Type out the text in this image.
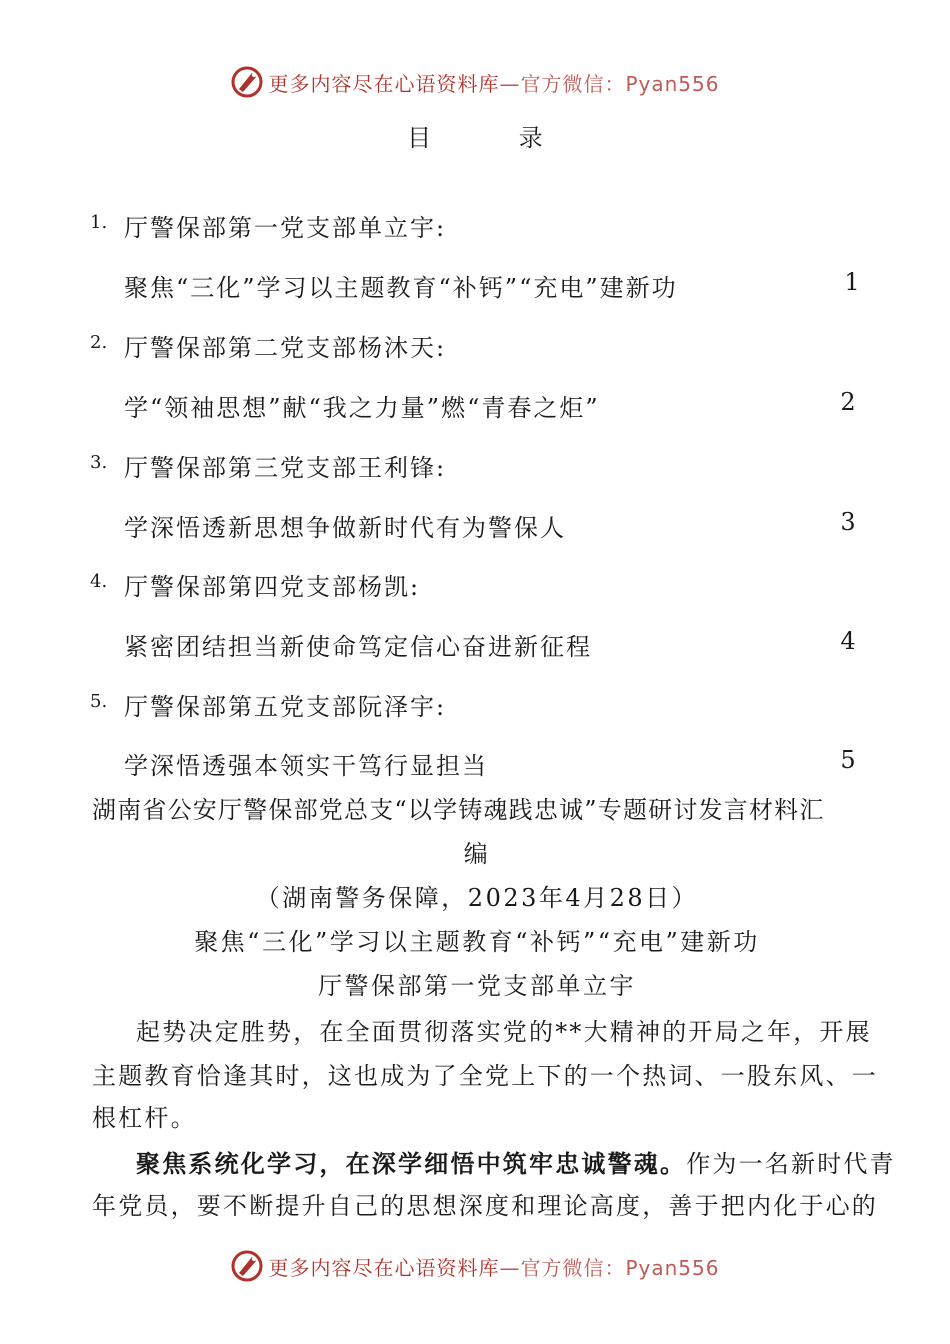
更多内容尽在心语资料库—官方微信：Pyan556
目 录
1. 厅警保部第一党支部单立宇:
聚焦“三化”学习以主题教育“补钙”“充电”建新功	1
2. 厅警保部第二党支部杨沐天:
学“领袖思想”献“我之力量”燃“青春之炬”	2
3. 厅警保部第三党支部王利锋:
学深悟透新思想争做新时代有为警保人	3
4. 厅警保部第四党支部杨凯:
紧密团结担当新使命笃定信心奋进新征程	4
5. 厅警保部第五党支部阮泽宇:
学深悟透强本领实干笃行显担当	5
湖南省公安厅警保部党总支“以学铸魂践忠诚”专题研讨发言材料汇
编
（湖南警务保障，2023年4月28日）
聚焦“三化”学习以主题教育“补钙”“充电”建新功
厅警保部第一党支部单立宇
起势决定胜势，在全面贯彻落实党的**大精神的开局之年，开展
主题教育恰逢其时，这也成为了全党上下的一个热词、一股东风、一
根杠杆。
聚焦系统化学习，在深学细悟中筑牢忠诚警魂。作为一名新时代青
年党员，要不断提升自己的思想深度和理论高度，善于把内化于心的
更多内容尽在心语资料库—官方微信：Pyan556
